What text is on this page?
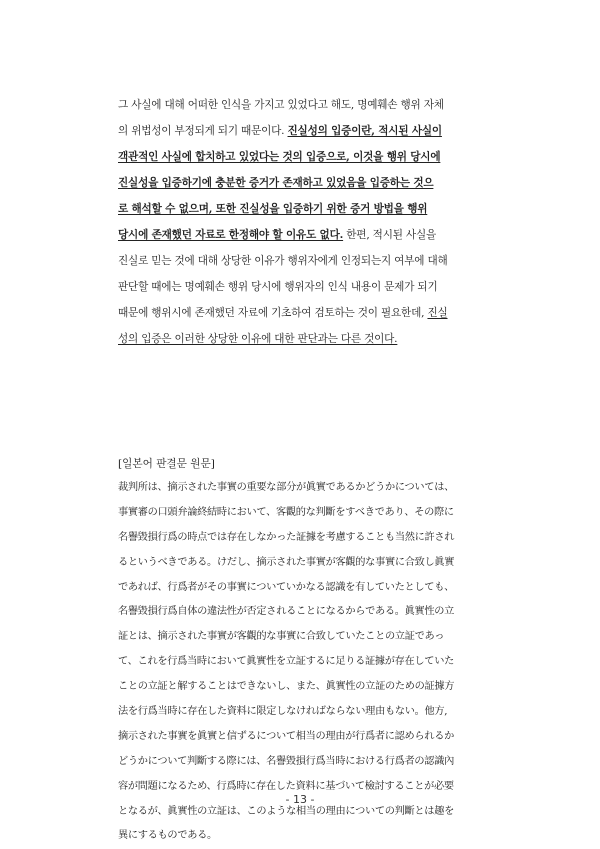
그 사실에 대해 어떠한 인식을 가지고 있었다고 해도, 명예훼손 행위 자체
의 위법성이 부정되게 되기 때문이다. 진실성의 입증이란, 적시된 사실이
객관적인 사실에 합치하고 있었다는 것의 입증으로, 이것을 행위 당시에
진실성을 입증하기에 충분한 증거가 존재하고 있었음을 입증하는 것으
로 해석할 수 없으며, 또한 진실성을 입증하기 위한 증거 방법을 행위
당시에 존재했던 자료로 한정해야 할 이유도 없다. 한편, 적시된 사실을
진실로 믿는 것에 대해 상당한 이유가 행위자에게 인정되는지 여부에 대해
판단할 때에는 명예훼손 행위 당시에 행위자의 인식 내용이 문제가 되기
때문에 행위시에 존재했던 자료에 기초하여 검토하는 것이 필요한데, 진실
성의 입증은 이러한 상당한 이유에 대한 판단과는 다른 것이다.
[일본어 판결문 원문]
裁判所は、摘示された事實の重要な部分が眞實であるかどうかについては、
事實審の口頭弁論終結時において、客觀的な判斷をすべきであり、その際に
名譽毀損行爲の時点では存在しなかった証據を考慮することも当然に許され
るというべきである。けだし、摘示された事實が客觀的な事實に合致し眞實
であれば、行爲者がその事實についていかなる認識を有していたとしても、
名譽毀損行爲自体の違法性が否定されることになるからである。眞實性の立
証とは、摘示された事實が客觀的な事實に合致していたことの立証であっ
て、これを行爲当時において眞實性を立証するに足りる証據が存在していた
ことの立証と解することはできないし、また、眞實性の立証のための証據方
法を行爲当時に存在した資料に限定しなければならない理由もない。他方,
摘示された事實を眞實と信ずるについて相当の理由が行爲者に認められるか
どうかについて判斷する際には、名譽毀損行爲当時における行爲者の認識內
容が問題になるため、行爲時に存在した資料に基づいて檢討することが必要
となるが、眞實性の立証は、このような相当の理由についての判斷とは趣を
異にするものである。
- 13 -
